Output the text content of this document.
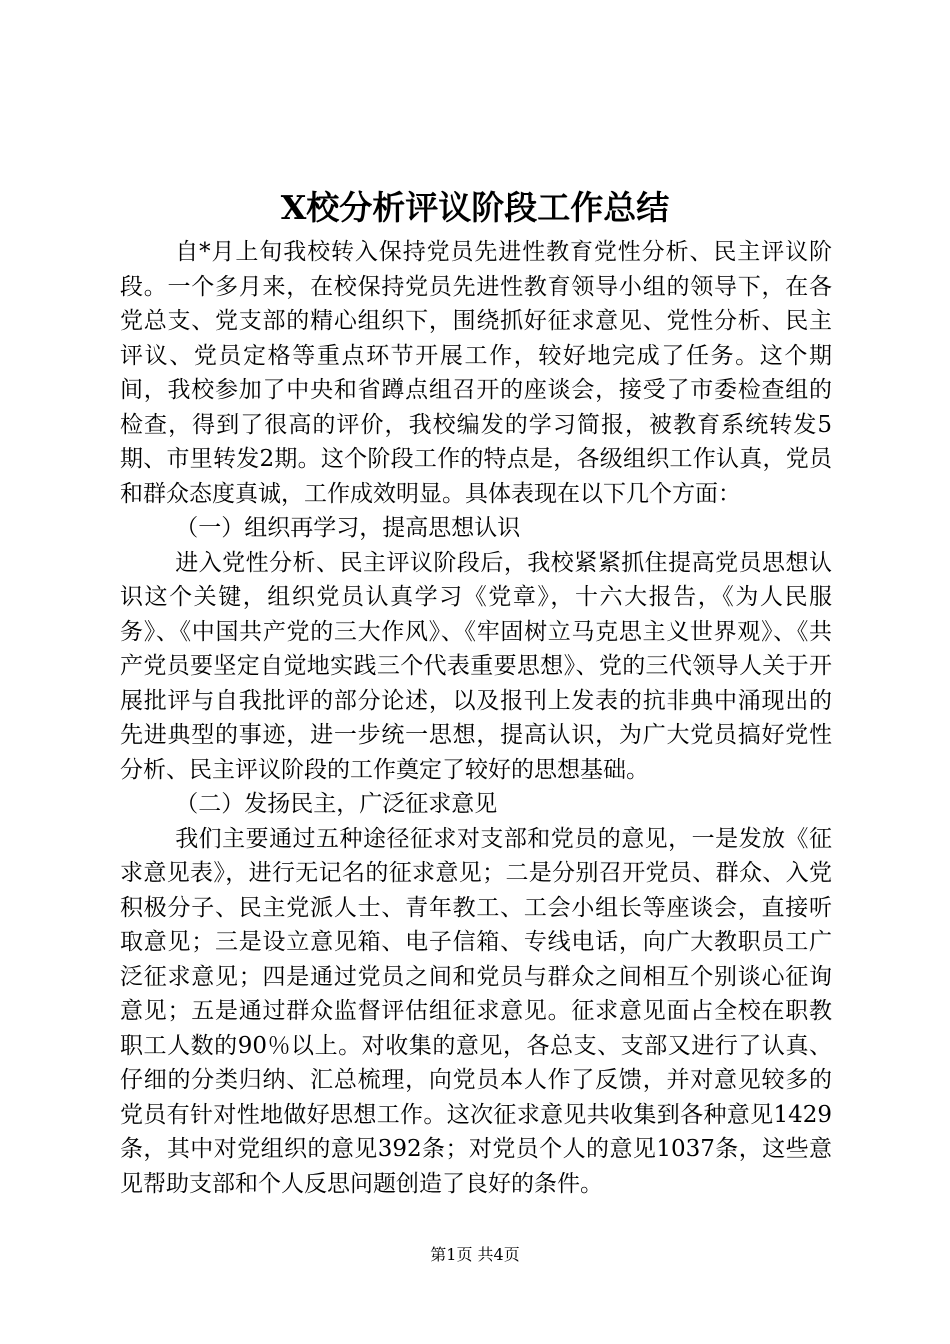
X校分析评议阶段工作总结

自*月上旬我校转入保持党员先进性教育党性分析、民主评议阶段。一个多月来，在校保持党员先进性教育领导小组的领导下，在各党总支、党支部的精心组织下，围绕抓好征求意见、党性分析、民主评议、党员定格等重点环节开展工作，较好地完成了任务。这个期间，我校参加了中央和省蹲点组召开的座谈会，接受了市委检查组的检查，得到了很高的评价，我校编发的学习简报，被教育系统转发5期、市里转发2期。这个阶段工作的特点是，各级组织工作认真，党员和群众态度真诚，工作成效明显。具体表现在以下几个方面：

（一）组织再学习，提高思想认识

进入党性分析、民主评议阶段后，我校紧紧抓住提高党员思想认识这个关键，组织党员认真学习《党章》，十六大报告，《为人民服务》、《中国共产党的三大作风》、《牢固树立马克思主义世界观》、《共产党员要坚定自觉地实践三个代表重要思想》、党的三代领导人关于开展批评与自我批评的部分论述，以及报刊上发表的抗非典中涌现出的先进典型的事迹，进一步统一思想，提高认识，为广大党员搞好党性分析、民主评议阶段的工作奠定了较好的思想基础。

（二）发扬民主，广泛征求意见

我们主要通过五种途径征求对支部和党员的意见，一是发放《征求意见表》，进行无记名的征求意见；二是分别召开党员、群众、入党积极分子、民主党派人士、青年教工、工会小组长等座谈会，直接听取意见；三是设立意见箱、电子信箱、专线电话，向广大教职员工广泛征求意见；四是通过党员之间和党员与群众之间相互个别谈心征询意见；五是通过群众监督评估组征求意见。征求意见面占全校在职教职工人数的90％以上。对收集的意见，各总支、支部又进行了认真、仔细的分类归纳、汇总梳理，向党员本人作了反馈，并对意见较多的党员有针对性地做好思想工作。这次征求意见共收集到各种意见1429条，其中对党组织的意见392条；对党员个人的意见1037条，这些意见帮助支部和个人反思问题创造了良好的条件。

第1页 共4页
